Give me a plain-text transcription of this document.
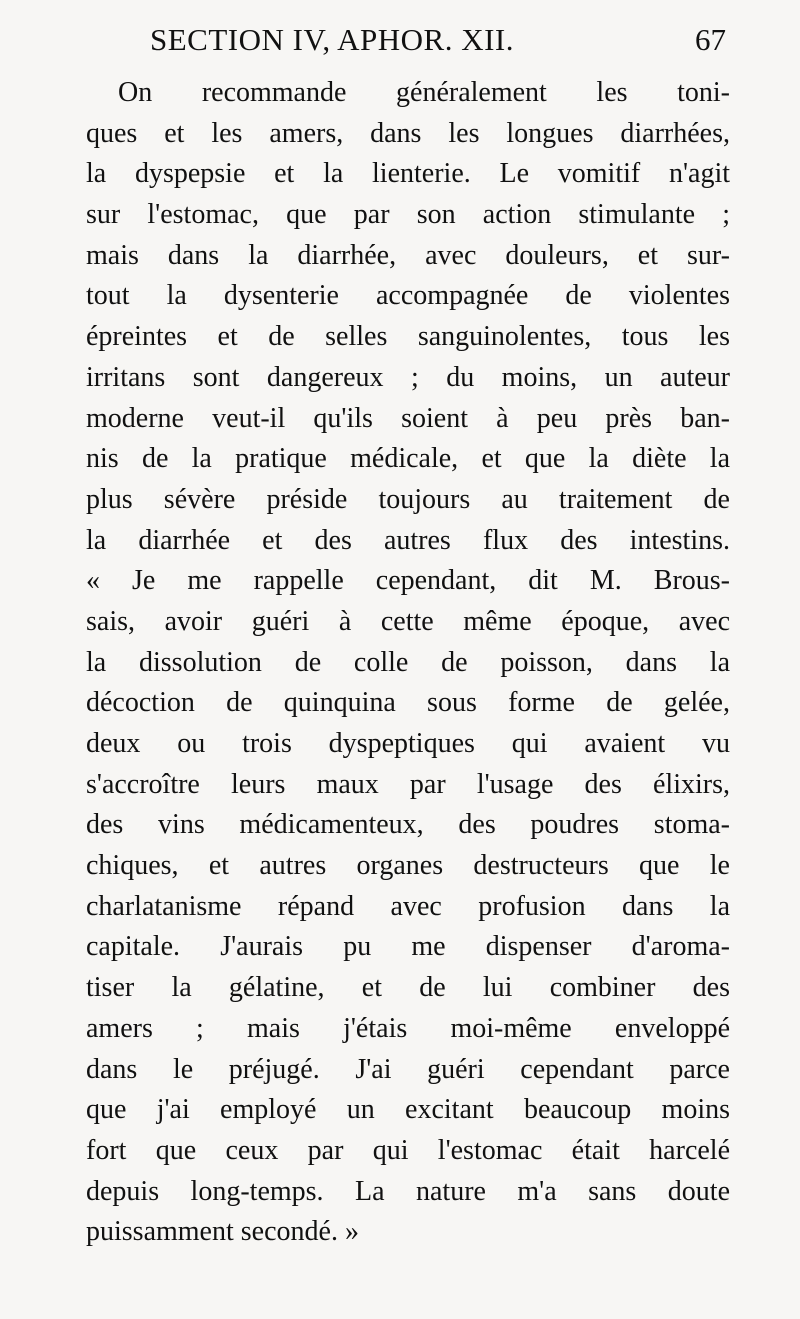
SECTION IV, APHOR. XII.	67
On recommande généralement les toni-
ques et les amers, dans les longues diarrhées,
la dyspepsie et la lienterie. Le vomitif n'agit
sur l'estomac, que par son action stimulante ;
mais dans la diarrhée, avec douleurs, et sur-
tout la dysenterie accompagnée de violentes
épreintes et de selles sanguinolentes, tous les
irritans sont dangereux ; du moins, un auteur
moderne veut-il qu'ils soient à peu près ban-
nis de la pratique médicale, et que la diète la
plus sévère préside toujours au traitement de
la diarrhée et des autres flux des intestins.
« Je me rappelle cependant, dit M. Brous-
sais, avoir guéri à cette même époque, avec
la dissolution de colle de poisson, dans la
décoction de quinquina sous forme de gelée,
deux ou trois dyspeptiques qui avaient vu
s'accroître leurs maux par l'usage des élixirs,
des vins médicamenteux, des poudres stoma-
chiques, et autres organes destructeurs que le
charlatanisme répand avec profusion dans la
capitale. J'aurais pu me dispenser d'aroma-
tiser la gélatine, et de lui combiner des
amers ; mais j'étais moi-même enveloppé
dans le préjugé. J'ai guéri cependant parce
que j'ai employé un excitant beaucoup moins
fort que ceux par qui l'estomac était harcelé
depuis long-temps. La nature m'a sans doute
puissamment secondé. »
